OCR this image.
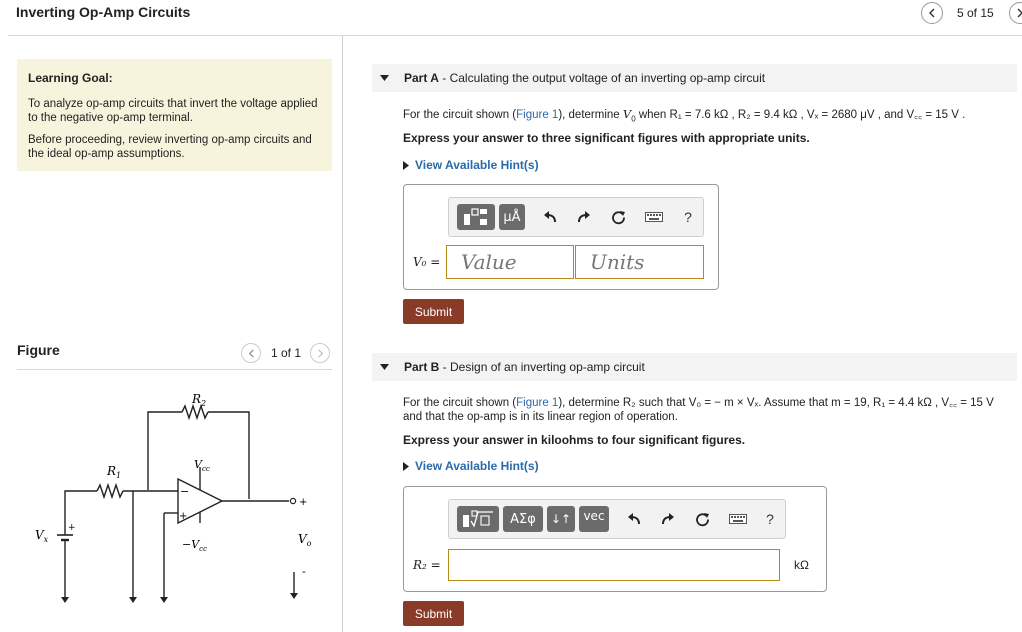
Inverting Op-Amp Circuits	5 of 15
Learning Goal:

To analyze op-amp circuits that invert the voltage applied to the negative op-amp terminal.

Before proceeding, review inverting op-amp circuits and the ideal op-amp assumptions.

Figure	1 of 1
$R_2$
$R_1$
$V_{cc}$
$-V_{cc}$
$V_x$	$V_o$
+
+
-
−
+
Part A - Calculating the output voltage of an inverting op-amp circuit
For the circuit shown (Figure 1), determine $V_0$ when R₁ = 7.6 kΩ , R₂ = 9.4 kΩ , Vₓ = 2680 μV , and V꜀꜀ = 15 V .
Express your answer to three significant figures with appropriate units.
View Available Hint(s)
μÅ	?
V₀ =	Value	Units
Submit
Part B - Design of an inverting op-amp circuit
For the circuit shown (Figure 1), determine R₂ such that V₀ = − m × Vₓ. Assume that m = 19, R₁ = 4.4 kΩ , V꜀꜀ = 15 V and that the op-amp is in its linear region of operation.
Express your answer in kiloohms to four significant figures.
View Available Hint(s)
ΑΣφ	↓↑	vec	?
R₂ =	kΩ
Submit
